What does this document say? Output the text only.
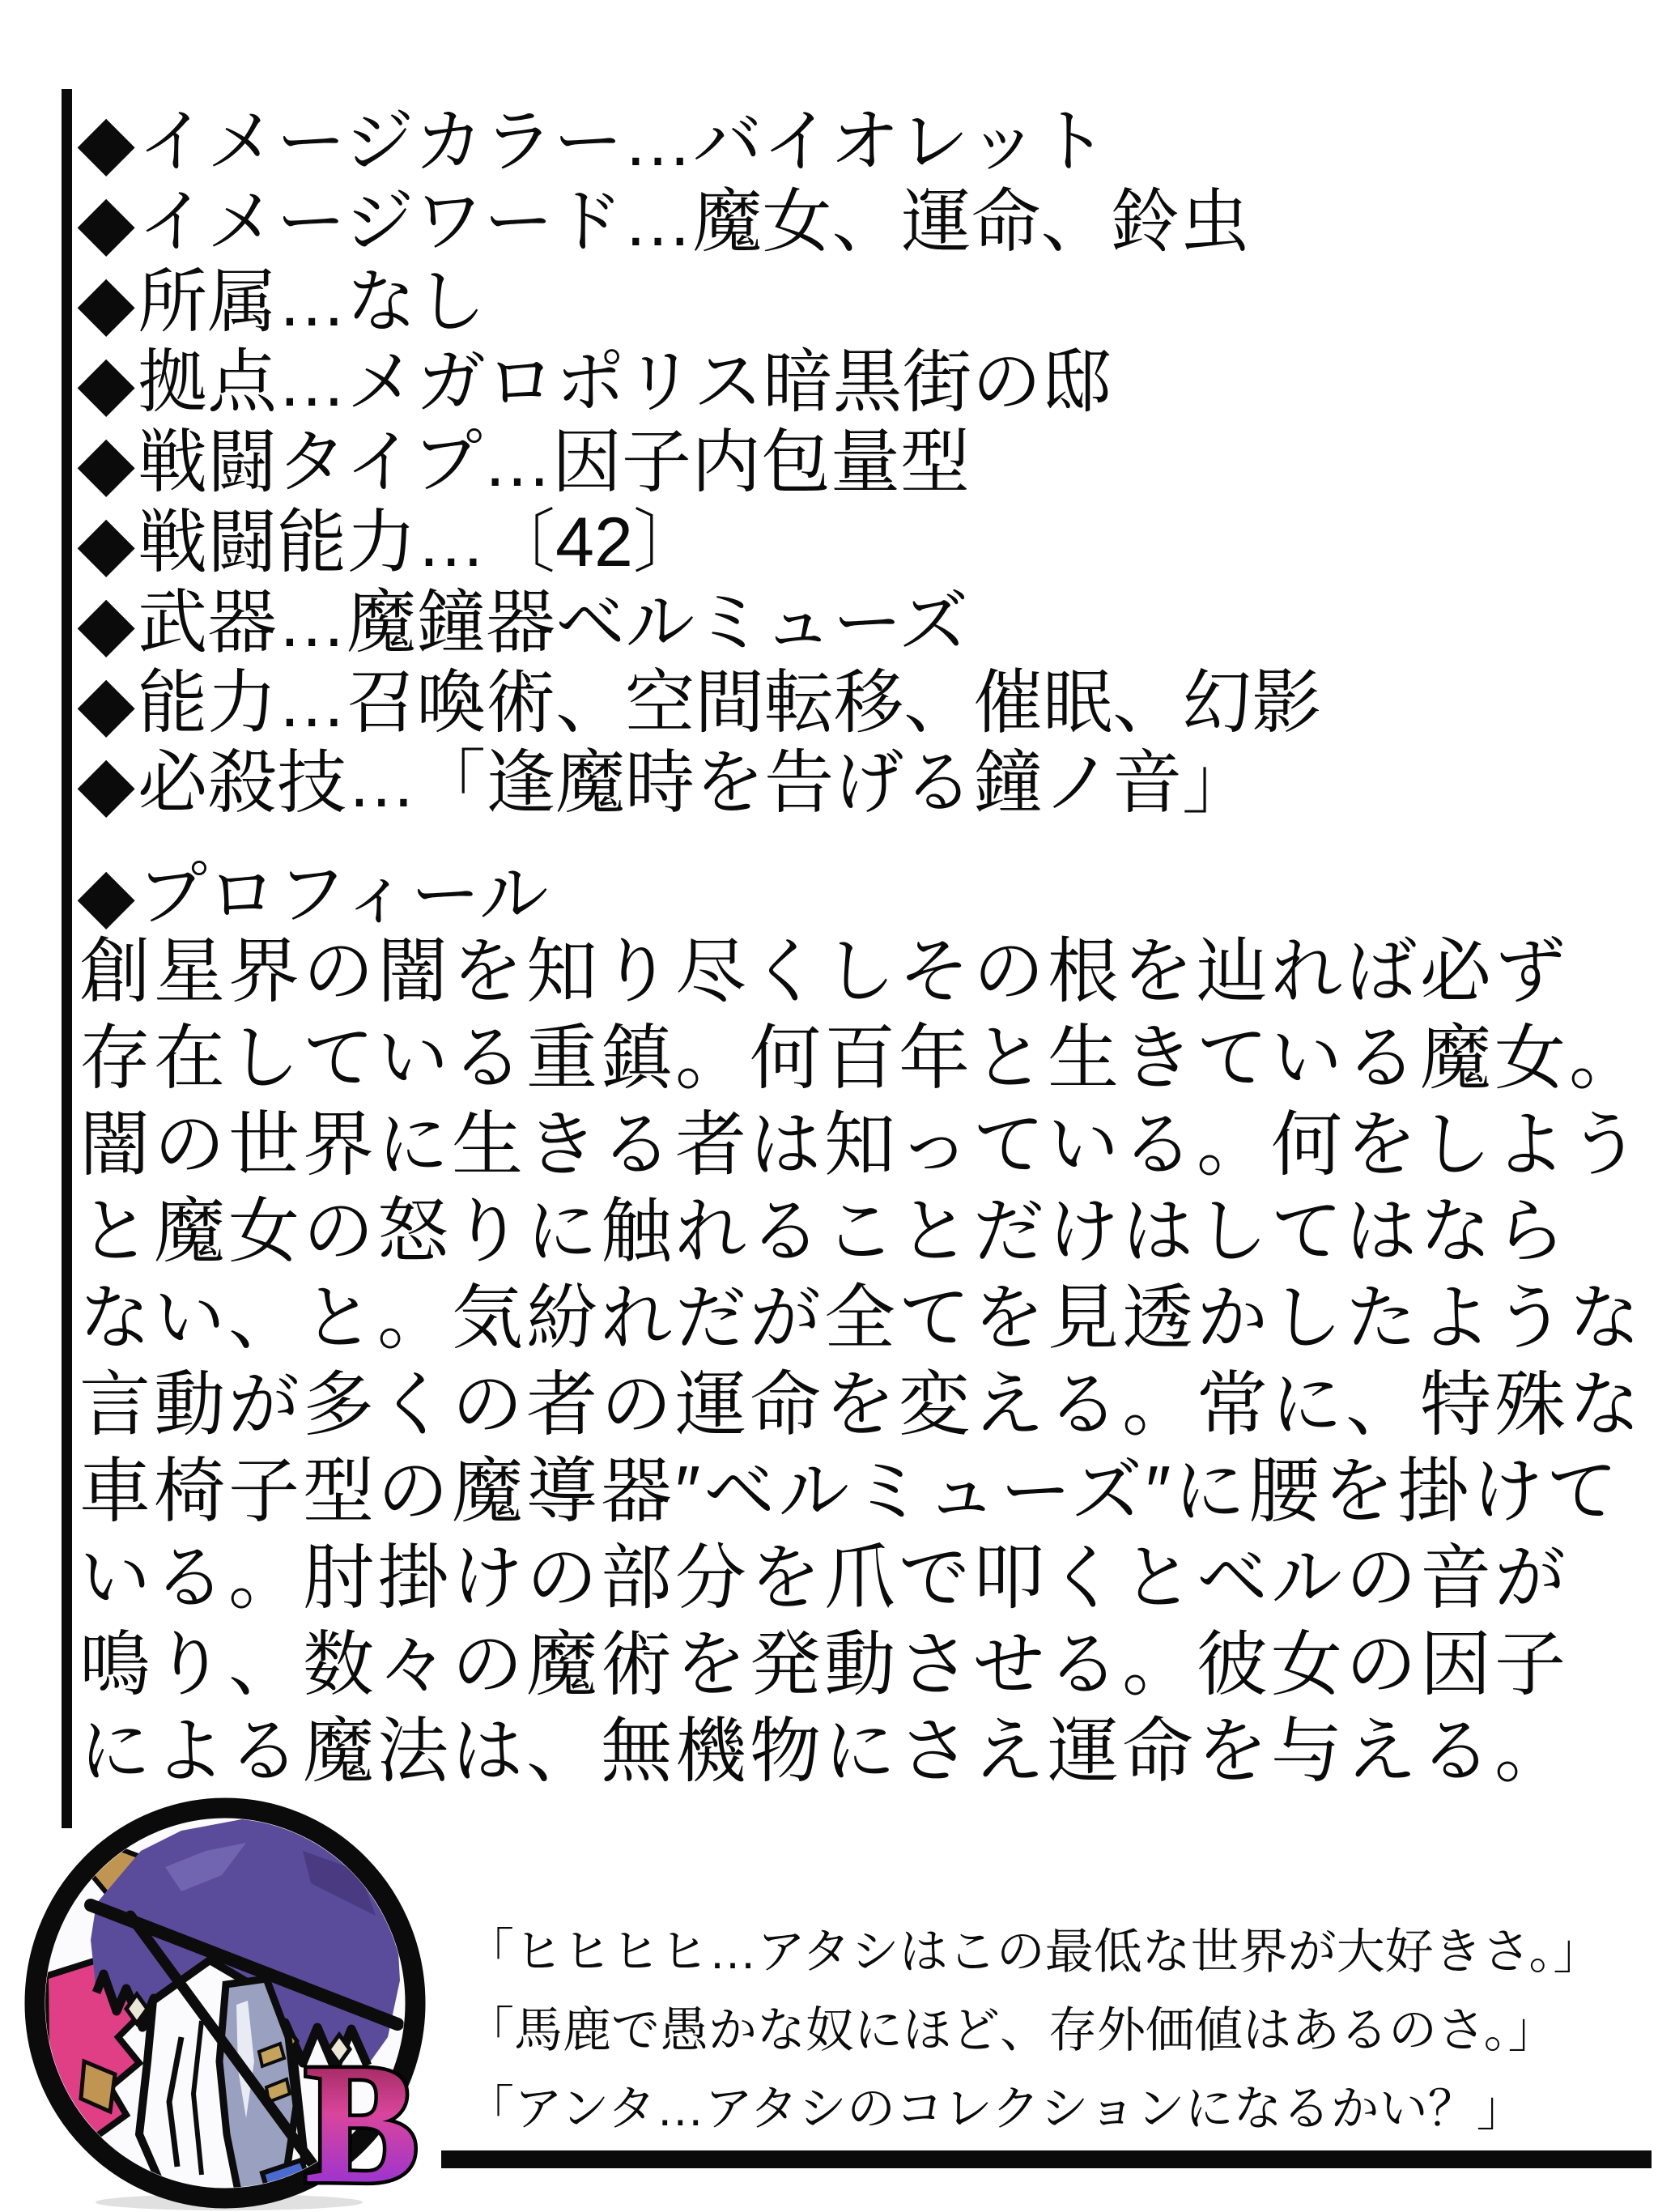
◆イメージカラー…バイオレット
◆イメージワード…魔女、運命、鈴虫
◆所属…なし
◆拠点…メガロポリス暗黒街の邸
◆戦闘タイプ…因子内包量型
◆戦闘能力…〔42〕
◆武器…魔鐘器ベルミューズ
◆能力…召喚術、空間転移、催眠、幻影
◆必殺技…「逢魔時を告げる鐘ノ音」
◆プロフィール
創星界の闇を知り尽くしその根を辿れば必ず
存在している重鎮。何百年と生きている魔女。
闇の世界に生きる者は知っている。何をしよう
と魔女の怒りに触れることだけはしてはなら
ない、と。気紛れだが全てを見透かしたような
言動が多くの者の運命を変える。常に、特殊な
車椅子型の魔導器″ベルミューズ″に腰を掛けて
いる。肘掛けの部分を爪で叩くとベルの音が
鳴り、数々の魔術を発動させる。彼女の因子
による魔法は、無機物にさえ運命を与える。
B
「ヒヒヒヒ…アタシはこの最低な世界が大好きさ。」
「馬鹿で愚かな奴にほど、存外価値はあるのさ。」
「アンタ…アタシのコレクションになるかい？」
